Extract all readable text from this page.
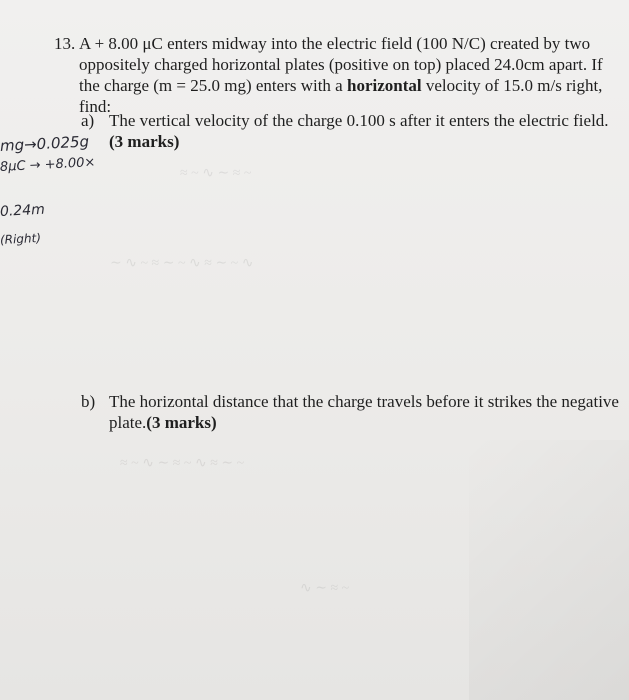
≈ ~ ∿ ∼ ≈ ~
∼ ∿ ~ ≈ ∼ ~ ∿ ≈ ∼ ~ ∿
≈ ~ ∿ ∼ ≈ ~ ∿ ≈ ∼ ~
∿ ∼ ≈ ~
13. A + 8.00 μC enters midway into the electric field (100 N/C) created by two oppositely charged horizontal plates (positive on top) placed 24.0cm apart. If the charge (m = 25.0 mg) enters with a horizontal velocity of 15.0 m/s right, find:
mg→0.025g
8μC → +8.00×
0.24m
(Right)
a) The vertical velocity of the charge 0.100 s after it enters the electric field. (3 marks)
b) The horizontal distance that the charge travels before it strikes the negative plate.(3 marks)
